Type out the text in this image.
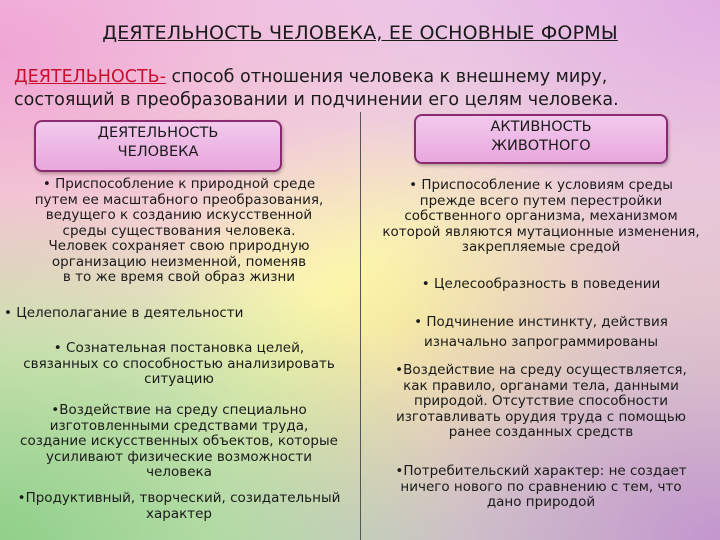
ДЕЯТЕЛЬНОСТЬ ЧЕЛОВЕКА, ЕЕ ОСНОВНЫЕ ФОРМЫ
ДЕЯТЕЛЬНОСТЬ- способ отношения человека к внешнему миру,
состоящий в преобразовании и подчинении его целям человека.
ДЕЯТЕЛЬНОСТЬ
ЧЕЛОВЕКА
АКТИВНОСТЬ
ЖИВОТНОГО
• Приспособление к природной среде
путем ее масштабного преобразования,
ведущего к созданию искусственной
среды существования человека.
Человек сохраняет свою природную
организацию неизменной, поменяв
в то же время свой образ жизни
• Целеполагание в деятельности
• Сознательная постановка целей,
связанных со способностью анализировать
ситуацию
•Воздействие на среду специально
изготовленными средствами труда,
создание искусственных объектов, которые
усиливают физические возможности
человека
•Продуктивный, творческий, созидательный
характер
• Приспособление к условиям среды
прежде всего путем перестройки
собственного организма, механизмом
которой являются мутационные изменения,
закрепляемые средой
• Целесообразность в поведении
• Подчинение инстинкту, действия
изначально запрограммированы
•Воздействие на среду осуществляется,
как правило, органами тела, данными
природой. Отсутствие способности
изготавливать орудия труда с помощью
ранее созданных средств
•Потребительский характер: не создает
ничего нового по сравнению с тем, что
дано природой
